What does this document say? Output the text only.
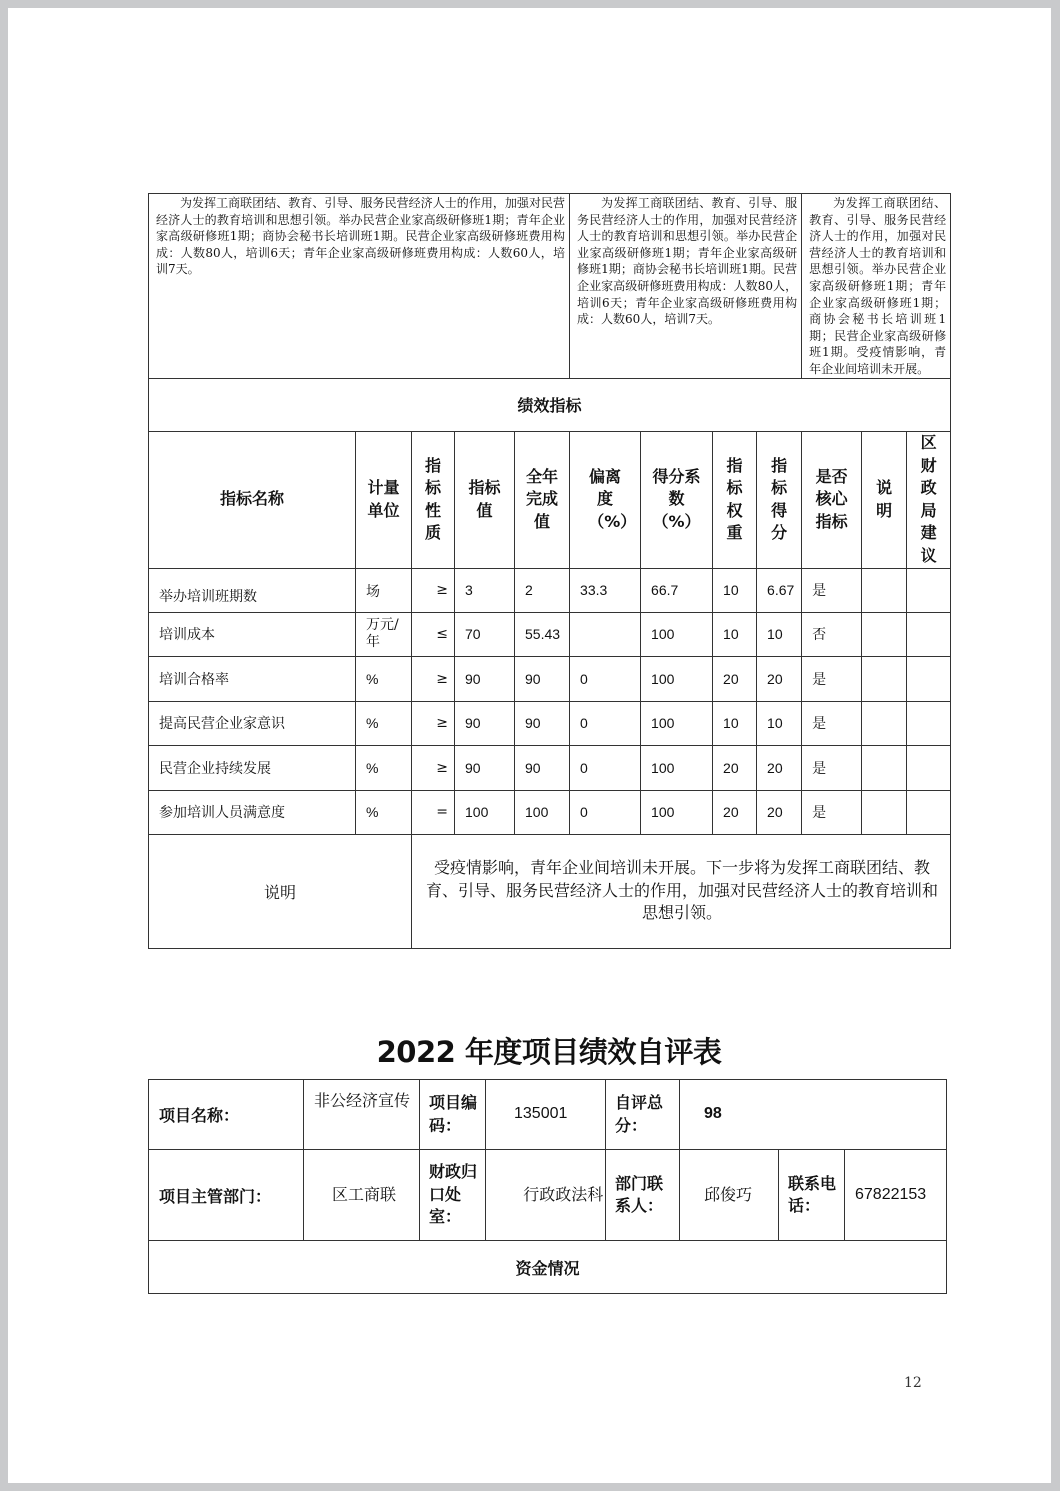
为发挥工商联团结、教育、引导、服务民营经济人士的作用，加强对民营经济人士的教育培训和思想引领。举办民营企业家高级研修班1期；青年企业家高级研修班1期；商协会秘书长培训班1期。民营企业家高级研修班费用构成：人数80人，培训6天；青年企业家高级研修班费用构成：人数60人，培训7天。					为发挥工商联团结、教育、引导、服务民营经济人士的作用，加强对民营经济人士的教育培训和思想引领。举办民营企业家高级研修班1期；青年企业家高级研修班1期；商协会秘书长培训班1期。民营企业家高级研修班费用构成：人数80人，培训6天；青年企业家高级研修班费用构成：人数60人，培训7天。				为发挥工商联团结、教育、引导、服务民营经济人士的作用，加强对民营经济人士的教育培训和思想引领。举办民营企业家高级研修班1期；青年企业家高级研修班1期；商协会秘书长培训班1期；民营企业家高级研修班1期。受疫情影响，青年企业间培训未开展。		

绩效指标											
指标名称	计量单位	指标性质	指标值	全年完成值	偏离度（%）	得分系数（%）	指标权重	指标得分	是否核心指标	说明	区财政局建议
举办培训班期数	场	≥	3	2	33.3	66.7	10	6.67	是		
培训成本	万元/年	≤	70	55.43		100	10	10	否		
培训合格率	%	≥	90	90	0	100	20	20	是		
提高民营企业家意识	%	≥	90	90	0	100	10	10	是		
民营企业持续发展	%	≥	90	90	0	100	20	20	是		
参加培训人员满意度	%	=	100	100	0	100	20	20	是		
说明		受疫情影响，青年企业间培训未开展。下一步将为发挥工商联团结、教育、引导、服务民营经济人士的作用，加强对民营经济人士的教育培训和思想引领。									
2022 年度项目绩效自评表
项目名称：	非公经济宣传	项目编码：	135001	自评总分：	98		
项目主管部门：	区工商联	财政归口处室：	行政政法科	部门联系人：	邱俊巧	联系电话：	67822153
资金情况							
12
